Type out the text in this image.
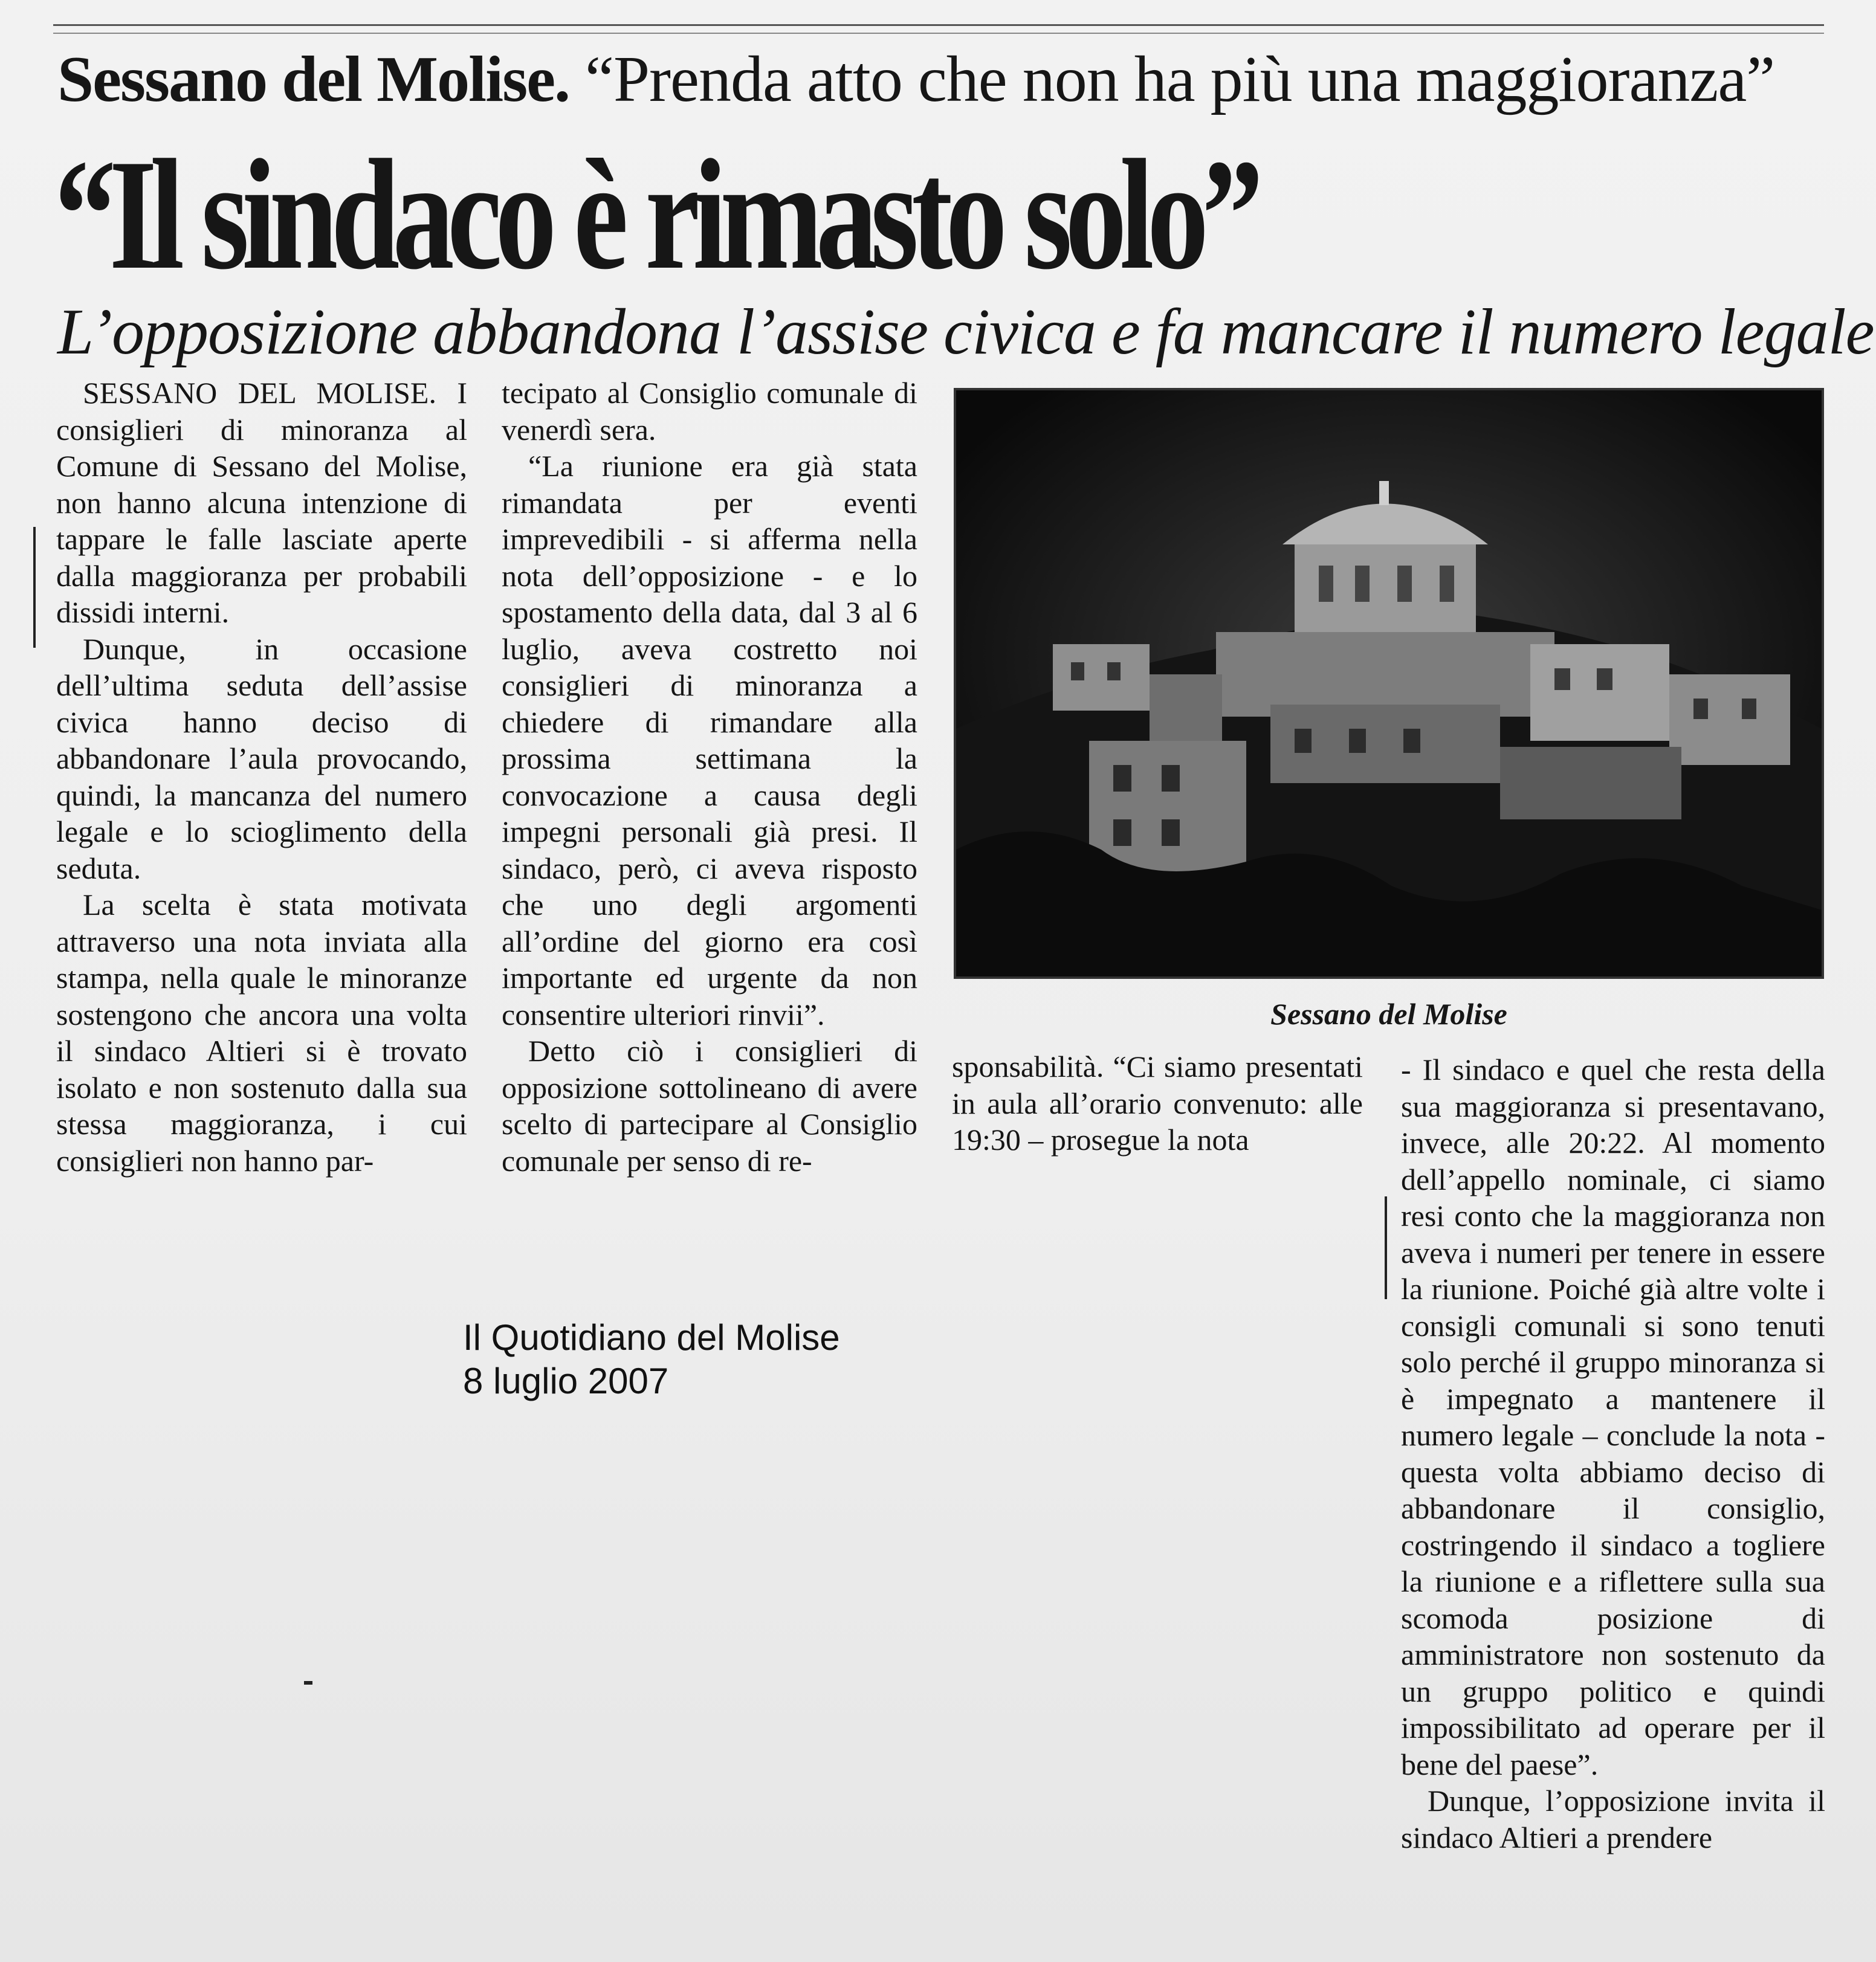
Sessano del Molise. “Prenda atto che non ha più una maggioranza”
“Il sindaco è rimasto solo”
L’opposizione abbandona l’assise civica e fa mancare il numero legale

SESSANO DEL MOLISE. I consiglieri di minoranza al Comune di Sessano del Molise, non hanno alcuna intenzione di tappare le falle lasciate aperte dalla maggioranza per probabili dissidi interni.

Dunque, in occasione dell’ultima seduta dell’assise civica hanno deciso di abbandonare l’aula provocando, quindi, la mancanza del numero legale e lo scioglimento della seduta.

La scelta è stata motivata attraverso una nota inviata alla stampa, nella quale le minoranze sostengono che ancora una volta il sindaco Altieri si è trovato isolato e non sostenuto dalla sua stessa maggioranza, i cui consiglieri non hanno par-

tecipato al Consiglio comunale di venerdì sera.

“La riunione era già stata rimandata per eventi imprevedibili - si afferma nella nota dell’opposizione - e lo spostamento della data, dal 3 al 6 luglio, aveva costretto noi consiglieri di minoranza a chiedere di rimandare alla prossima settimana la convocazione a causa degli impegni personali già presi. Il sindaco, però, ci aveva risposto che uno degli argomenti all’ordine del giorno era così importante ed urgente da non consentire ulteriori rinvii”.

Detto ciò i consiglieri di opposizione sottolineano di avere scelto di partecipare al Consiglio comunale per senso di re-

Sessano del Molise

sponsabilità. “Ci siamo presentati in aula all’orario convenuto: alle 19:30 – prosegue la nota

- Il sindaco e quel che resta della sua maggioranza si presentavano, invece, alle 20:22. Al momento dell’appello nominale, ci siamo resi conto che la maggioranza non aveva i numeri per tenere in essere la riunione. Poiché già altre volte i consigli comunali si sono tenuti solo perché il gruppo minoranza si è impegnato a mantenere il numero legale – conclude la nota - questa volta abbiamo deciso di abbandonare il consiglio, costringendo il sindaco a togliere la riunione e a riflettere sulla sua scomoda posizione di amministratore non sostenuto da un gruppo politico e quindi impossibilitato ad operare per il bene del paese”.

Dunque, l’opposizione invita il sindaco Altieri a prendere

Il Quotidiano del Molise
8 luglio 2007
